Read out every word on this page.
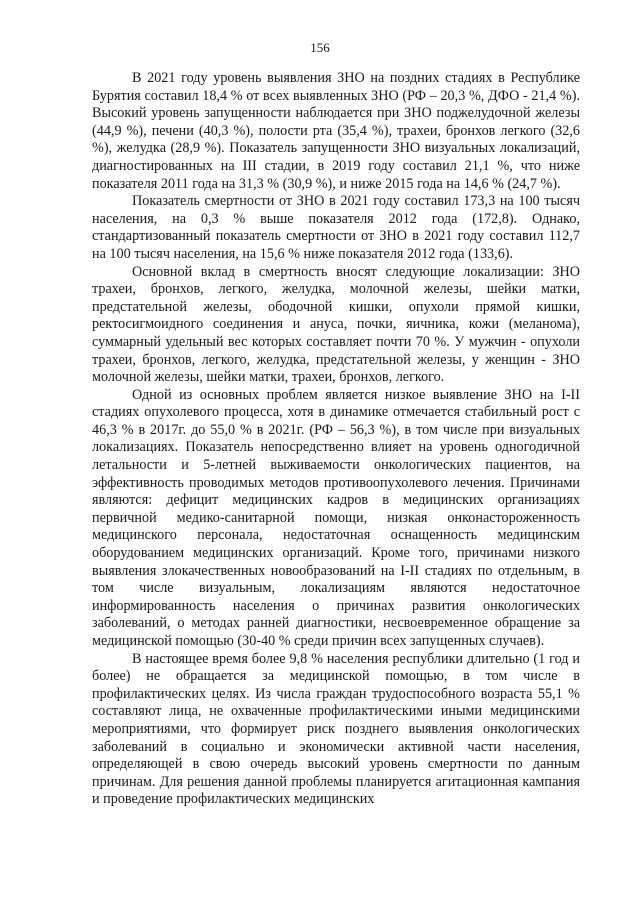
156

В 2021 году уровень выявления ЗНО на поздних стадиях в Республике Бурятия составил 18,4 % от всех выявленных ЗНО (РФ – 20,3 %, ДФО - 21,4 %). Высокий уровень запущенности наблюдается при ЗНО поджелудочной железы (44,9 %), печени (40,3 %), полости рта (35,4 %), трахеи, бронхов легкого (32,6 %), желудка (28,9 %). Показатель запущенности ЗНО визуальных локализаций, диагностированных на III стадии, в 2019 году составил 21,1 %, что ниже показателя 2011 года на 31,3 % (30,9 %), и ниже 2015 года на 14,6 % (24,7 %).

Показатель смертности от ЗНО в 2021 году составил 173,3 на 100 тысяч населения, на 0,3 % выше показателя 2012 года (172,8). Однако, стандартизованный показатель смертности от ЗНО в 2021 году составил 112,7 на 100 тысяч населения, на 15,6 % ниже показателя 2012 года (133,6).

Основной вклад в смертность вносят следующие локализации: ЗНО трахеи, бронхов, легкого, желудка, молочной железы, шейки матки, предстательной железы, ободочной кишки, опухоли прямой кишки, ректосигмоидного соединения и ануса, почки, яичника, кожи (меланома), суммарный удельный вес которых составляет почти 70 %. У мужчин - опухоли трахеи, бронхов, легкого, желудка, предстательной железы, у женщин - ЗНО молочной железы, шейки матки, трахеи, бронхов, легкого.

Одной из основных проблем является низкое выявление ЗНО на I-II стадиях опухолевого процесса, хотя в динамике отмечается стабильный рост с 46,3 % в 2017г. до 55,0 % в 2021г. (РФ – 56,3 %), в том числе при визуальных локализациях. Показатель непосредственно влияет на уровень одногодичной летальности и 5-летней выживаемости онкологических пациентов, на эффективность проводимых методов противоопухолевого лечения. Причинами являются: дефицит медицинских кадров в медицинских организациях первичной медико-санитарной помощи, низкая онконастороженность медицинского персонала, недостаточная оснащенность медицинским оборудованием медицинских организаций. Кроме того, причинами низкого выявления злокачественных новообразований на I-II стадиях по отдельным, в том числе визуальным, локализациям являются недостаточное информированность населения о причинах развития онкологических заболеваний, о методах ранней диагностики, несвоевременное обращение за медицинской помощью (30-40 % среди причин всех запущенных случаев).

В настоящее время более 9,8 % населения республики длительно (1 год и более) не обращается за медицинской помощью, в том числе в профилактических целях. Из числа граждан трудоспособного возраста 55,1 % составляют лица, не охваченные профилактическими иными медицинскими мероприятиями, что формирует риск позднего выявления онкологических заболеваний в социально и экономически активной части населения, определяющей в свою очередь высокий уровень смертности по данным причинам. Для решения данной проблемы планируется агитационная кампания и проведение профилактических медицинских
